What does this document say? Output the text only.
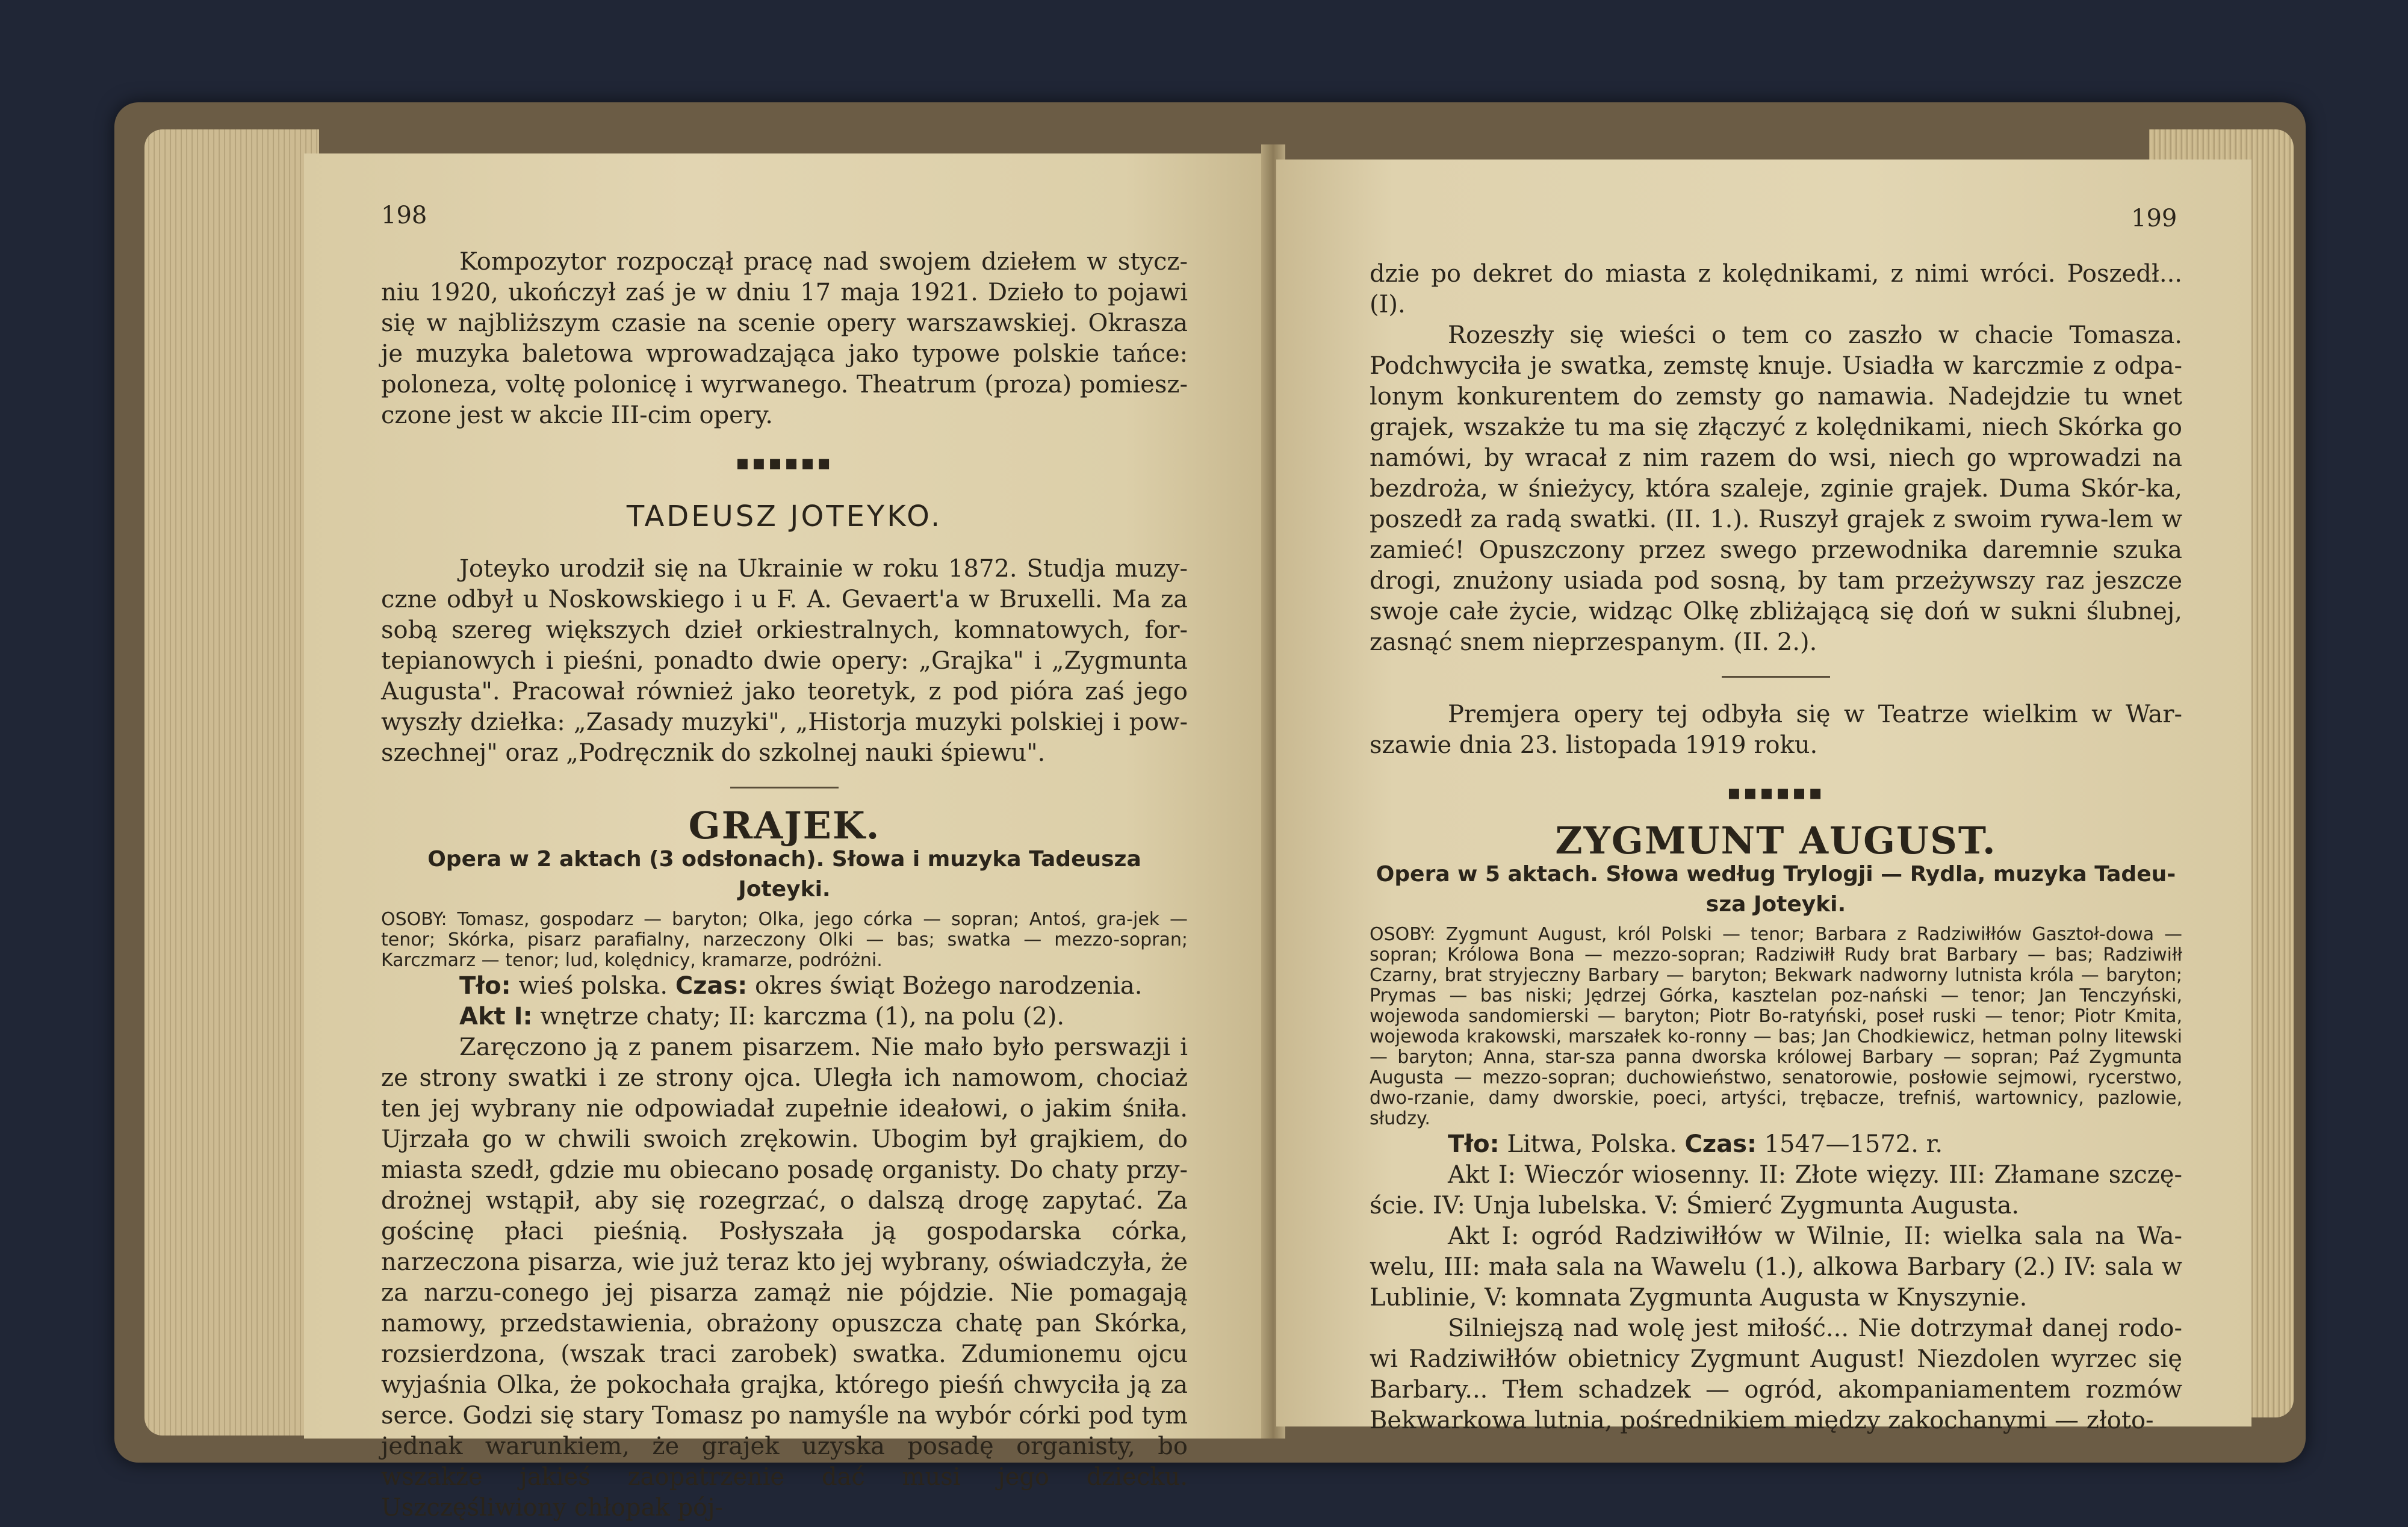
198

Kompozytor rozpoczął pracę nad swojem dziełem w stycz-niu 1920, ukończył zaś je w dniu 17 maja 1921. Dzieło to pojawi się w najbliższym czasie na scenie opery warszawskiej. Okrasza je muzyka baletowa wprowadzająca jako typowe polskie tańce: poloneza, voltę polonicę i wyrwanego. Theatrum (proza) pomiesz-czone jest w akcie III-cim opery.

▪▪▪▪▪▪
TADEUSZ JOTEYKO.

Joteyko urodził się na Ukrainie w roku 1872. Studja muzy-czne odbył u Noskowskiego i u F. A. Gevaert'a w Bruxelli. Ma za sobą szereg większych dzieł orkiestralnych, komnatowych, for-tepianowych i pieśni, ponadto dwie opery: „Grajka" i „Zygmunta Augusta". Pracował również jako teoretyk, z pod pióra zaś jego wyszły dziełka: „Zasady muzyki", „Historja muzyki polskiej i pow-szechnej" oraz „Podręcznik do szkolnej nauki śpiewu".

GRAJEK.
Opera w 2 aktach (3 odsłonach). Słowa i muzyka Tadeusza Joteyki.

OSOBY: Tomasz, gospodarz — baryton; Olka, jego córka — sopran; Antoś, gra-jek — tenor; Skórka, pisarz parafialny, narzeczony Olki — bas; swatka — mezzo-sopran; Karczmarz — tenor; lud, kolędnicy, kramarze, podróżni.

Tło: wieś polska. Czas: okres świąt Bożego narodzenia.

Akt I: wnętrze chaty; II: karczma (1), na polu (2).

Zaręczono ją z panem pisarzem. Nie mało było perswazji i ze strony swatki i ze strony ojca. Uległa ich namowom, chociaż ten jej wybrany nie odpowiadał zupełnie ideałowi, o jakim śniła. Ujrzała go w chwili swoich zrękowin. Ubogim był grajkiem, do miasta szedł, gdzie mu obiecano posadę organisty. Do chaty przy-drożnej wstąpił, aby się rozegrzać, o dalszą drogę zapytać. Za gościnę płaci pieśnią. Posłyszała ją gospodarska córka, narzeczona pisarza, wie już teraz kto jej wybrany, oświadczyła, że za narzu-conego jej pisarza zamąż nie pójdzie. Nie pomagają namowy, przedstawienia, obrażony opuszcza chatę pan Skórka, rozsierdzona, (wszak traci zarobek) swatka. Zdumionemu ojcu wyjaśnia Olka, że pokochała grajka, którego pieśń chwyciła ją za serce. Godzi się stary Tomasz po namyśle na wybór córki pod tym jednak warunkiem, że grajek uzyska posadę organisty, bo wszakże jakieś zaopatrzenie dać musi jego dziecku. Uszczęśliwiony chłopak pój-

199

dzie po dekret do miasta z kolędnikami, z nimi wróci. Poszedł... (I).

Rozeszły się wieści o tem co zaszło w chacie Tomasza. Podchwyciła je swatka, zemstę knuje. Usiadła w karczmie z odpa-lonym konkurentem do zemsty go namawia. Nadejdzie tu wnet grajek, wszakże tu ma się złączyć z kolędnikami, niech Skórka go namówi, by wracał z nim razem do wsi, niech go wprowadzi na bezdroża, w śnieżycy, która szaleje, zginie grajek. Duma Skór-ka, poszedł za radą swatki. (II. 1.). Ruszył grajek z swoim rywa-lem w zamieć! Opuszczony przez swego przewodnika daremnie szuka drogi, znużony usiada pod sosną, by tam przeżywszy raz jeszcze swoje całe życie, widząc Olkę zbliżającą się doń w sukni ślubnej, zasnąć snem nieprzespanym. (II. 2.).

Premjera opery tej odbyła się w Teatrze wielkim w War-szawie dnia 23. listopada 1919 roku.

▪▪▪▪▪▪
ZYGMUNT AUGUST.
Opera w 5 aktach. Słowa według Trylogji — Rydla, muzyka Tadeu-sza Joteyki.

OSOBY: Zygmunt August, król Polski — tenor; Barbara z Radziwiłłów Gasztoł-dowa — sopran; Królowa Bona — mezzo-sopran; Radziwiłł Rudy brat Barbary — bas; Radziwiłł Czarny, brat stryjeczny Barbary — baryton; Bekwark nadworny lutnista króla — baryton; Prymas — bas niski; Jędrzej Górka, kasztelan poz-nański — tenor; Jan Tenczyński, wojewoda sandomierski — baryton; Piotr Bo-ratyński, poseł ruski — tenor; Piotr Kmita, wojewoda krakowski, marszałek ko-ronny — bas; Jan Chodkiewicz, hetman polny litewski — baryton; Anna, star-sza panna dworska królowej Barbary — sopran; Paź Zygmunta Augusta — mezzo-sopran; duchowieństwo, senatorowie, posłowie sejmowi, rycerstwo, dwo-rzanie, damy dworskie, poeci, artyści, trębacze, trefniś, wartownicy, pazlowie, słudzy.

Tło: Litwa, Polska. Czas: 1547—1572. r.

Akt I: Wieczór wiosenny. II: Złote więzy. III: Złamane szczę-ście. IV: Unja lubelska. V: Śmierć Zygmunta Augusta.

Akt I: ogród Radziwiłłów w Wilnie, II: wielka sala na Wa-welu, III: mała sala na Wawelu (1.), alkowa Barbary (2.) IV: sala w Lublinie, V: komnata Zygmunta Augusta w Knyszynie.

Silniejszą nad wolę jest miłość... Nie dotrzymał danej rodo-wi Radziwiłłów obietnicy Zygmunt August! Niezdolen wyrzec się Barbary... Tłem schadzek — ogród, akompaniamentem rozmów Bekwarkowa lutnia, pośrednikiem między zakochanymi — złoto-
